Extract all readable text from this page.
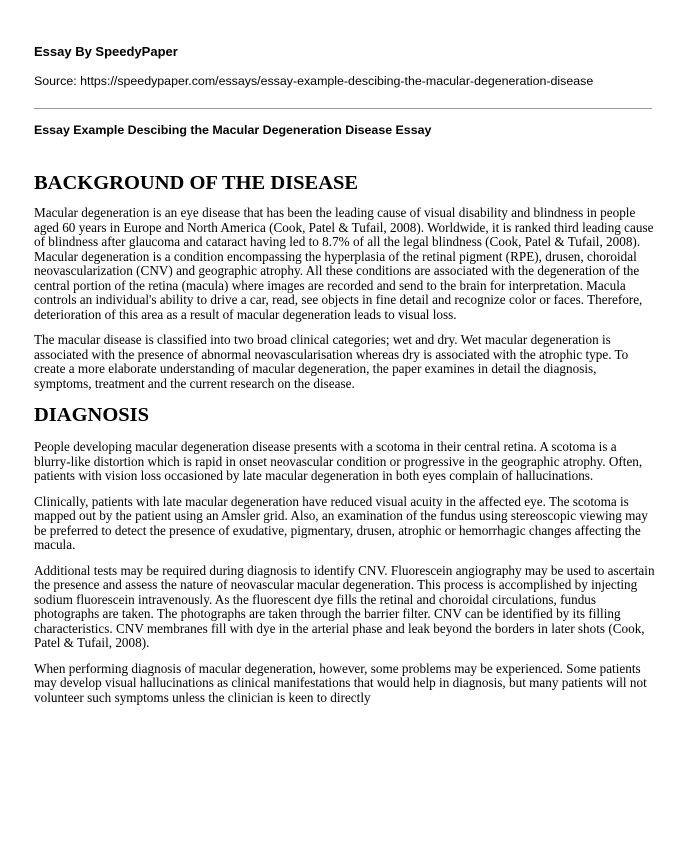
Essay By SpeedyPaper

Source: https://speedypaper.com/essays/essay-example-descibing-the-macular-degeneration-disease

Essay Example Descibing the Macular Degeneration Disease Essay

BACKGROUND OF THE DISEASE

Macular degeneration is an eye disease that has been the leading cause of visual disability and blindness in people aged 60 years in Europe and North America (Cook, Patel & Tufail, 2008). Worldwide, it is ranked third leading cause of blindness after glaucoma and cataract having led to 8.7% of all the legal blindness (Cook, Patel & Tufail, 2008). Macular degeneration is a condition encompassing the hyperplasia of the retinal pigment (RPE), drusen, choroidal neovascularization (CNV) and geographic atrophy. All these conditions are associated with the degeneration of the central portion of the retina (macula) where images are recorded and send to the brain for interpretation. Macula controls an individual's ability to drive a car, read, see objects in fine detail and recognize color or faces. Therefore, deterioration of this area as a result of macular degeneration leads to visual loss.

The macular disease is classified into two broad clinical categories; wet and dry. Wet macular degeneration is associated with the presence of abnormal neovascularisation whereas dry is associated with the atrophic type. To create a more elaborate understanding of macular degeneration, the paper examines in detail the diagnosis, symptoms, treatment and the current research on the disease.

DIAGNOSIS

People developing macular degeneration disease presents with a scotoma in their central retina. A scotoma is a blurry-like distortion which is rapid in onset neovascular condition or progressive in the geographic atrophy. Often, patients with vision loss occasioned by late macular degeneration in both eyes complain of hallucinations.

Clinically, patients with late macular degeneration have reduced visual acuity in the affected eye. The scotoma is mapped out by the patient using an Amsler grid. Also, an examination of the fundus using stereoscopic viewing may be preferred to detect the presence of exudative, pigmentary, drusen, atrophic or hemorrhagic changes affecting the macula.

Additional tests may be required during diagnosis to identify CNV. Fluorescein angiography may be used to ascertain the presence and assess the nature of neovascular macular degeneration. This process is accomplished by injecting sodium fluorescein intravenously. As the fluorescent dye fills the retinal and choroidal circulations, fundus photographs are taken. The photographs are taken through the barrier filter. CNV can be identified by its filling characteristics. CNV membranes fill with dye in the arterial phase and leak beyond the borders in later shots (Cook, Patel & Tufail, 2008).

When performing diagnosis of macular degeneration, however, some problems may be experienced. Some patients may develop visual hallucinations as clinical manifestations that would help in diagnosis, but many patients will not volunteer such symptoms unless the clinician is keen to directly
